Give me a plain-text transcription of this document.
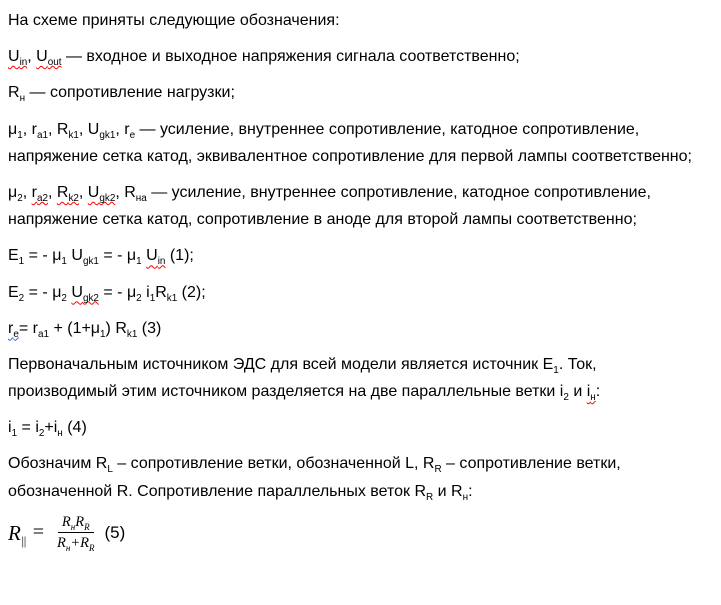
На схеме приняты следующие обозначения:

$U_{in}$, $U_{out}$ — входное и выходное напряжения сигнала соответственно;

$R_н$ — сопротивление нагрузки;

$\mu_1$, $r_{a1}$, $R_{k1}$, $U_{gk1}$, $r_e$ — усиление, внутреннее сопротивление, катодное сопротивление, напряжение сетка катод, эквивалентное сопротивление для первой лампы соответственно;

$\mu_2$, $r_{a2}$, $R_{k2}$, $U_{gk2}$, $R_{на}$ — усиление, внутреннее сопротивление, катодное сопротивление, напряжение сетка катод, сопротивление в аноде для второй лампы соответственно;

$E_1$ = - $\mu_1$ $U_{gk1}$ = - $\mu_1$ $U_{in}$ (1);

$E_2$ = - $\mu_2$ $U_{gk2}$ = - $\mu_2$ $i_1R_{k1}$ (2);

$r_e= r_{a1} + (1+\mu_1)$ $R_{k1}$ (3)

Первоначальным источником ЭДС для всей модели является источник $E_1$. Ток, производимый этим источником разделяется на две параллельные ветки $i_2$ и $i_н$:

$i_1 = i_2+i_н$ (4)

Обозначим $R_L$ – сопротивление ветки, обозначенной L, $R_R$ – сопротивление ветки, обозначенной R. Сопротивление параллельных веток $R_R$ и $R_н$:

$R_{||} = \frac{R_нR_R}{R_н+R_R} (5)$
